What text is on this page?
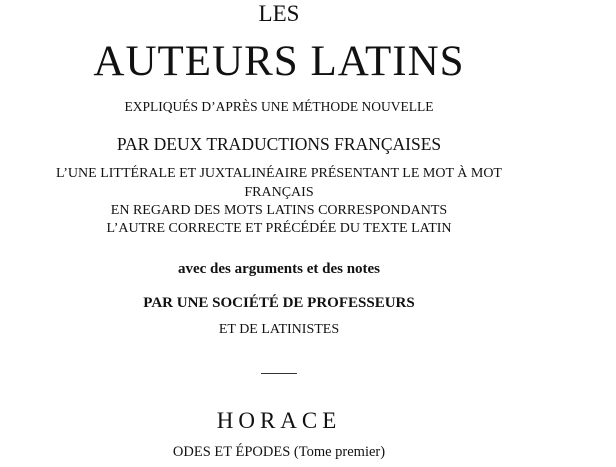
LES
AUTEURS LATINS
EXPLIQUÉS D’APRÈS UNE MÉTHODE NOUVELLE
PAR DEUX TRADUCTIONS FRANÇAISES
L’UNE LITTÉRALE ET JUXTALINÉAIRE PRÉSENTANT LE MOT À MOT
FRANÇAIS
EN REGARD DES MOTS LATINS CORRESPONDANTS
L’AUTRE CORRECTE ET PRÉCÉDÉE DU TEXTE LATIN
avec des arguments et des notes
PAR UNE SOCIÉTÉ DE PROFESSEURS
ET DE LATINISTES
HORACE
ODES ET ÉPODES (Tome premier)
